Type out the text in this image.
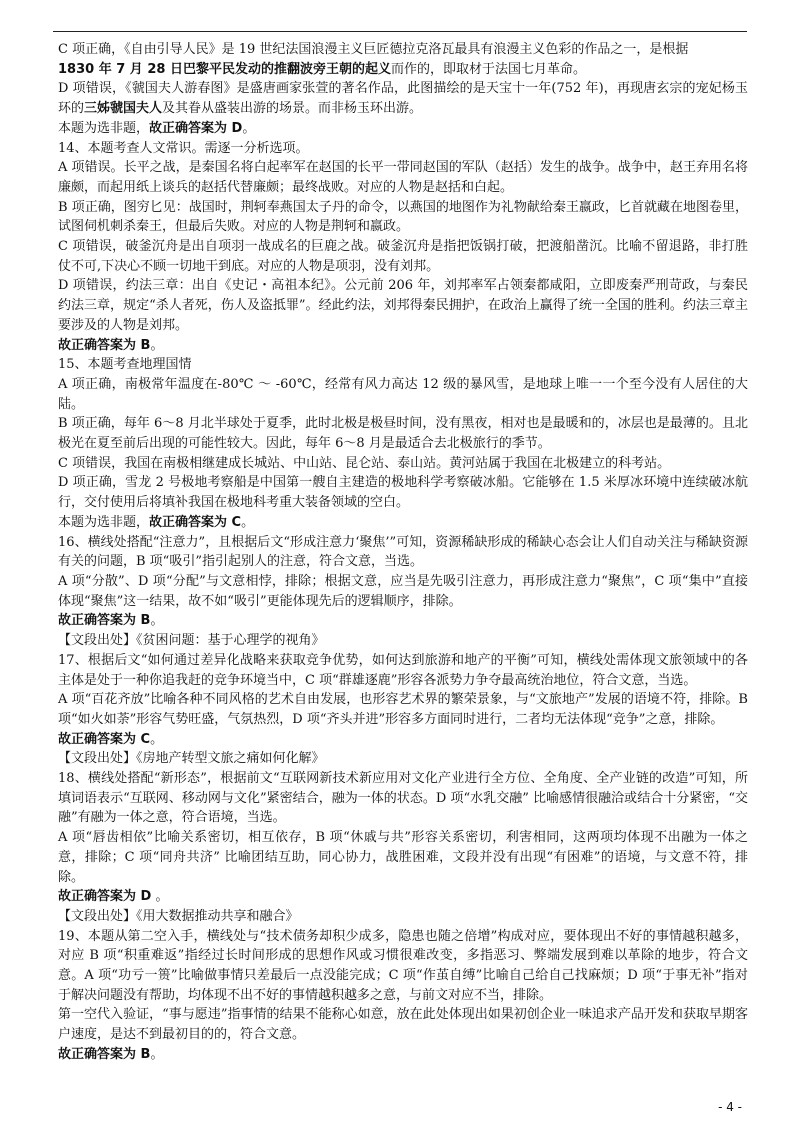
C 项正确，《自由引导人民》是 19 世纪法国浪漫主义巨匠德拉克洛瓦最具有浪漫主义色彩的作品之一，是根据

1830 年 7 月 28 日巴黎平民发动的推翻波旁王朝的起义而作的，即取材于法国七月革命。

D 项错误，《虢国夫人游春图》是盛唐画家张萱的著名作品，此图描绘的是天宝十一年(752 年)，再现唐玄宗的宠妃杨玉环的三姊虢国夫人及其眷从盛装出游的场景。而非杨玉环出游。

本题为选非题，故正确答案为 D。

14、本题考查人文常识。需逐一分析选项。

A 项错误。长平之战，是秦国名将白起率军在赵国的长平一带同赵国的军队（赵括）发生的战争。战争中，赵王弃用名将廉颇，而起用纸上谈兵的赵括代替廉颇；最终战败。对应的人物是赵括和白起。

B 项正确，图穷匕见：战国时，荆轲奉燕国太子丹的命令，以燕国的地图作为礼物献给秦王嬴政，匕首就藏在地图卷里，试图伺机刺杀秦王，但最后失败。对应的人物是荆轲和嬴政。

C 项错误，破釜沉舟是出自项羽一战成名的巨鹿之战。破釜沉舟是指把饭锅打破，把渡船凿沉。比喻不留退路，非打胜仗不可,下决心不顾一切地干到底。对应的人物是项羽，没有刘邦。

D 项错误，约法三章：出自《史记・高祖本纪》。公元前 206 年，刘邦率军占领秦都咸阳，立即废秦严刑苛政，与秦民约法三章，规定“杀人者死，伤人及盗抵罪”。经此约法，刘邦得秦民拥护，在政治上赢得了统一全国的胜利。约法三章主要涉及的人物是刘邦。

故正确答案为 B。

15、本题考查地理国情

A 项正确，南极常年温度在-80℃ ～ -60℃，经常有风力高达 12 级的暴风雪，是地球上唯一一个至今没有人居住的大陆。

B 项正确，每年 6～8 月北半球处于夏季，此时北极是极昼时间，没有黑夜，相对也是最暖和的，冰层也是最薄的。且北极光在夏至前后出现的可能性较大。因此，每年 6～8 月是最适合去北极旅行的季节。

C 项错误，我国在南极相继建成长城站、中山站、昆仑站、泰山站。黄河站属于我国在北极建立的科考站。

D 项正确，雪龙 2 号极地考察船是中国第一艘自主建造的极地科学考察破冰船。它能够在 1.5 米厚冰环境中连续破冰航行，交付使用后将填补我国在极地科考重大装备领域的空白。

本题为选非题，故正确答案为 C。

16、横线处搭配“注意力”，且根据后文“形成注意力‘聚焦’”可知，资源稀缺形成的稀缺心态会让人们自动关注与稀缺资源有关的问题，B 项“吸引”指引起别人的注意，符合文意，当选。

A 项“分散”、D 项“分配”与文意相悖，排除；根据文意，应当是先吸引注意力，再形成注意力“聚焦”，C 项“集中”直接体现“聚焦”这一结果，故不如“吸引”更能体现先后的逻辑顺序，排除。

故正确答案为 B。

【文段出处】《贫困问题：基于心理学的视角》

17、根据后文“如何通过差异化战略来获取竞争优势，如何达到旅游和地产的平衡”可知，横线处需体现文旅领域中的各主体是处于一种你追我赶的竞争环境当中，C 项“群雄逐鹿”形容各派势力争夺最高统治地位，符合文意，当选。

A 项“百花齐放”比喻各种不同风格的艺术自由发展，也形容艺术界的繁荣景象，与“文旅地产”发展的语境不符，排除。B 项“如火如荼”形容气势旺盛，气氛热烈，D 项“齐头并进”形容多方面同时进行，二者均无法体现“竞争”之意，排除。

故正确答案为 C。

【文段出处】《房地产转型文旅之痛如何化解》

18、横线处搭配“新形态”，根据前文“互联网新技术新应用对文化产业进行全方位、全角度、全产业链的改造”可知，所填词语表示“互联网、移动网与文化”紧密结合，融为一体的状态。D 项“水乳交融” 比喻感情很融洽或结合十分紧密，“交融”有融为一体之意，符合语境，当选。

A 项“唇齿相依”比喻关系密切，相互依存，B 项“休戚与共”形容关系密切，利害相同，这两项均体现不出融为一体之意，排除；C 项“同舟共济” 比喻团结互助，同心协力，战胜困难，文段并没有出现“有困难”的语境，与文意不符，排除。

故正确答案为 D 。

【文段出处】《用大数据推动共享和融合》

19、本题从第二空入手，横线处与“技术债务却积少成多，隐患也随之倍增”构成对应，要体现出不好的事情越积越多，对应 B 项“积重难返”指经过长时间形成的思想作风或习惯很难改变，多指恶习、弊端发展到难以革除的地步，符合文意。A 项“功亏一篑”比喻做事情只差最后一点没能完成；C 项“作茧自缚”比喻自己给自己找麻烦；D 项“于事无补”指对于解决问题没有帮助，均体现不出不好的事情越积越多之意，与前文对应不当，排除。

第一空代入验证，“事与愿违”指事情的结果不能称心如意，放在此处体现出如果初创企业一味追求产品开发和获取早期客户速度，是达不到最初目的的，符合文意。

故正确答案为 B。

- 4 -
